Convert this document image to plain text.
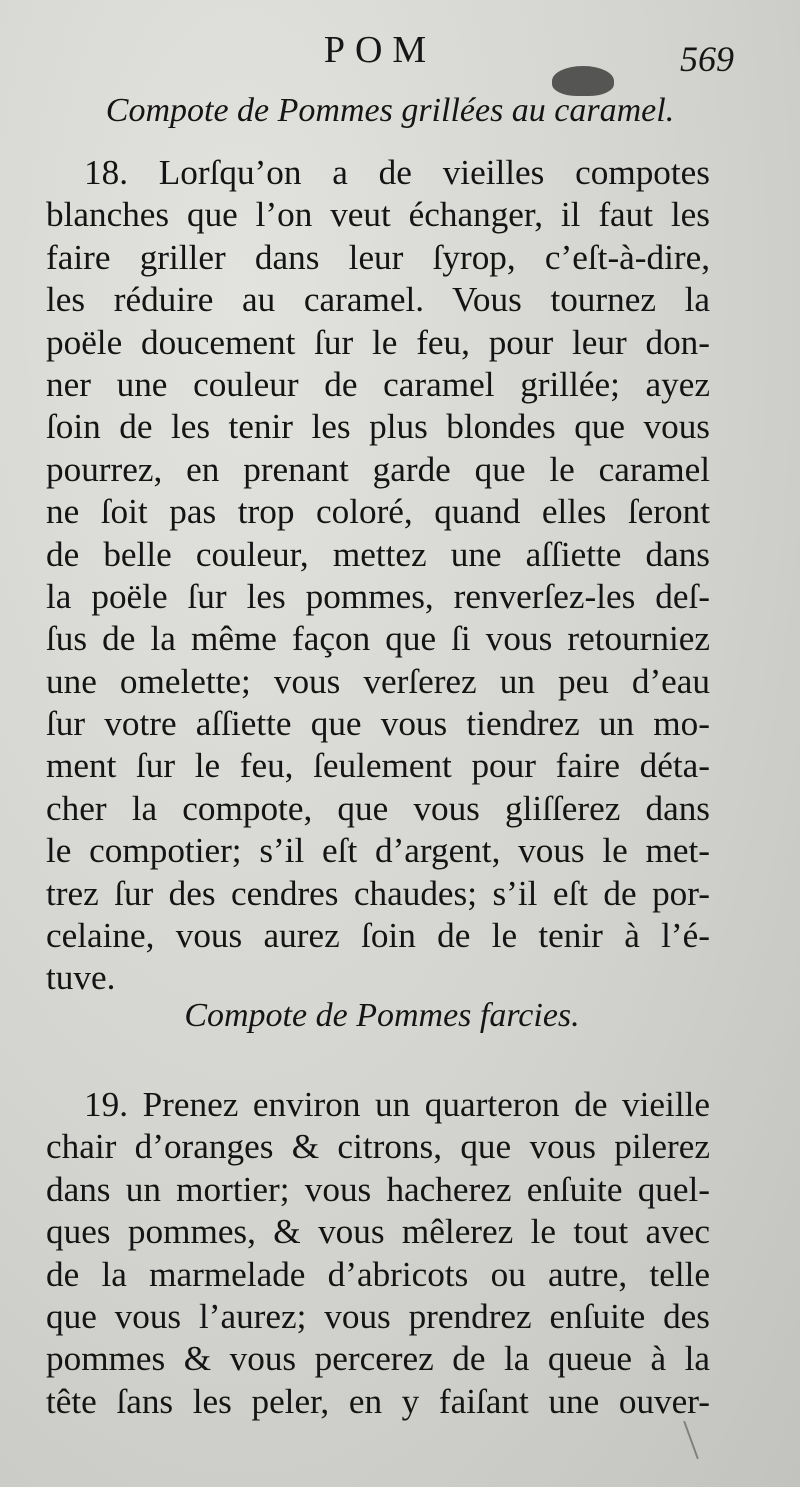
POM	569
Compote de Pommes grillées au caramel.
18. Lorſqu’on a de vieilles compotes
blanches que l’on veut échanger, il faut les
faire griller dans leur ſyrop, c’eſt-à-dire,
les réduire au caramel. Vous tournez la
poële doucement ſur le feu, pour leur don-
ner une couleur de caramel grillée; ayez
ſoin de les tenir les plus blondes que vous
pourrez, en prenant garde que le caramel
ne ſoit pas trop coloré, quand elles ſeront
de belle couleur, mettez une aſſiette dans
la poële ſur les pommes, renverſez-les deſ-
ſus de la même façon que ſi vous retourniez
une omelette; vous verſerez un peu d’eau
ſur votre aſſiette que vous tiendrez un mo-
ment ſur le feu, ſeulement pour faire déta-
cher la compote, que vous gliſſerez dans
le compotier; s’il eſt d’argent, vous le met-
trez ſur des cendres chaudes; s’il eſt de por-
celaine, vous aurez ſoin de le tenir à l’é-
tuve.
Compote de Pommes farcies.
19. Prenez environ un quarteron de vieille
chair d’oranges & citrons, que vous pilerez
dans un mortier; vous hacherez enſuite quel-
ques pommes, & vous mêlerez le tout avec
de la marmelade d’abricots ou autre, telle
que vous l’aurez; vous prendrez enſuite des
pommes & vous percerez de la queue à la
tête ſans les peler, en y faiſant une ouver-
